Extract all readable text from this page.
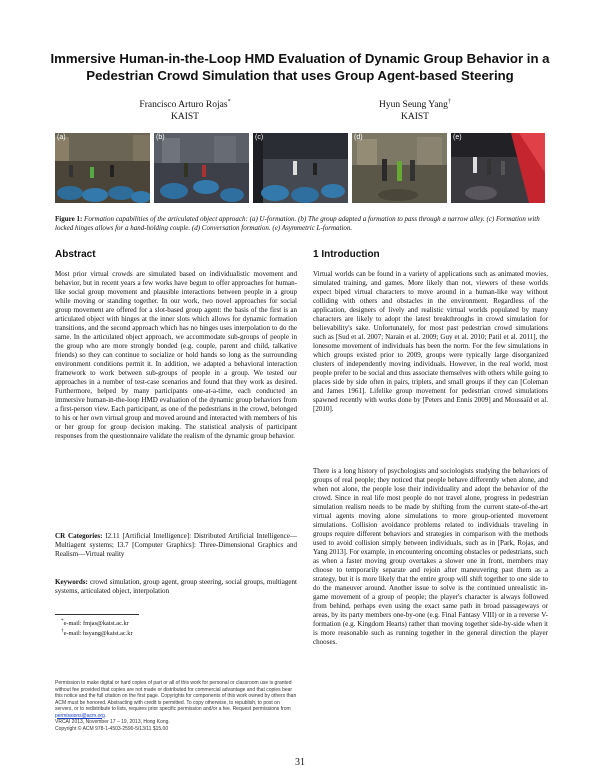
Immersive Human-in-the-Loop HMD Evaluation of Dynamic Group Behavior in a Pedestrian Crowd Simulation that uses Group Agent-based Steering
Francisco Arturo Rojas*
KAIST
Hyun Seung Yang†
KAIST
(a)	(b)	(c)	(d)	(e)

Figure 1: Formation capabilities of the articulated object approach: (a) U-formation. (b) The group adapted a formation to pass through a narrow alley. (c) Formation with locked hinges allows for a hand-holding couple. (d) Conversation formation. (e) Asymmetric L-formation.

Abstract

Most prior virtual crowds are simulated based on individualistic movement and behavior, but in recent years a few works have begun to offer approaches for human-like social group movement and plausible interactions between people in a group while moving or standing together. In our work, two novel approaches for social group movement are offered for a slot-based group agent: the basis of the first is an articulated object with hinges at the inner slots which allows for dynamic formation transitions, and the second approach which has no hinges uses interpolation to do the same. In the articulated object approach, we accommodate sub-groups of people in the group who are more strongly bonded (e.g. couple, parent and child, talkative friends) so they can continue to socialize or hold hands so long as the surrounding environment conditions permit it. In addition, we adapted a behavioral interaction framework to work between sub-groups of people in a group. We tested our approaches in a number of test-case scenarios and found that they work as desired. Furthermore, helped by many participants one-at-a-time, each conducted an immersive human-in-the-loop HMD evaluation of the dynamic group behaviors from a first-person view. Each participant, as one of the pedestrians in the crowd, belonged to his or her own virtual group and moved around and interacted with members of his or her group for group decision making. The statistical analysis of participant responses from the questionnaire validate the realism of the dynamic group behavior.

CR Categories: I2.11 [Artificial Intelligence]: Distributed Artificial Intelligence—Multiagent systems; I3.7 [Computer Graphics]: Three-Dimensional Graphics and Realism—Virtual reality

Keywords: crowd simulation, group agent, group steering, social groups, multiagent systems, articulated object, interpolation

*e-mail: fmjas@kaist.ac.kr
†e-mail: hsyang@kaist.ac.kr

Permission to make digital or hard copies of part or all of this work for personal or classroom use is granted without fee provided that copies are not made or distributed for commercial advantage and that copies bear this notice and the full citation on the first page. Copyrights for components of this work owned by others than ACM must be honored. Abstracting with credit is permitted. To copy otherwise, to republish, to post on servers, or to redistribute to lists, requires prior specific permission and/or a fee. Request permissions from permissions@acm.org.
VRCAI 2013, November 17 – 19, 2013, Hong Kong.
Copyright © ACM 978-1-4503-2590-5/13/11 $15.00

1 Introduction

Virtual worlds can be found in a variety of applications such as animated movies, simulated training, and games. More likely than not, viewers of these worlds expect biped virtual characters to move around in a human-like way without colliding with others and obstacles in the environment. Regardless of the application, designers of lively and realistic virtual worlds populated by many characters are likely to adopt the latest breakthroughs in crowd simulation for believability's sake. Unfortunately, for most past pedestrian crowd simulations such as [Sud et al. 2007; Narain et al. 2009; Guy et al. 2010; Patil et al. 2011], the lonesome movement of individuals has been the norm. For the few simulations in which groups existed prior to 2009, groups were typically large disorganized clusters of independently moving individuals. However, in the real world, most people prefer to be social and thus associate themselves with others while going to places side by side often in pairs, triplets, and small groups if they can [Coleman and James 1961]. Lifelike group movement for pedestrian crowd simulations spawned recently with works done by [Peters and Ennis 2009] and Moussaïd et al. [2010].

There is a long history of psychologists and sociologists studying the behaviors of groups of real people; they noticed that people behave differently when alone, and when not alone, the people lose their individuality and adopt the behavior of the crowd. Since in real life most people do not travel alone, progress in pedestrian simulation realism needs to be made by shifting from the current state-of-the-art virtual agents moving alone simulations to more group-oriented movement simulations. Collision avoidance problems related to individuals traveling in groups require different behaviors and strategies in comparison with the methods used to avoid collision simply between individuals, such as in [Park, Rojas, and Yang 2013]. For example, in encountering oncoming obstacles or pedestrians, such as when a faster moving group overtakes a slower one in front, members may choose to temporarily separate and rejoin after maneuvering past them as a strategy, but it is more likely that the entire group will shift together to one side to do the maneuver around. Another issue to solve is the continued unrealistic in-game movement of a group of people; the player's character is always followed from behind, perhaps even using the exact same path in broad passageways or areas, by its party members one-by-one (e.g. Final Fantasy VIII) or in a reverse V-formation (e.g. Kingdom Hearts) rather than moving together side-by-side when it is more reasonable such as running together in the general direction the player chooses.

31
